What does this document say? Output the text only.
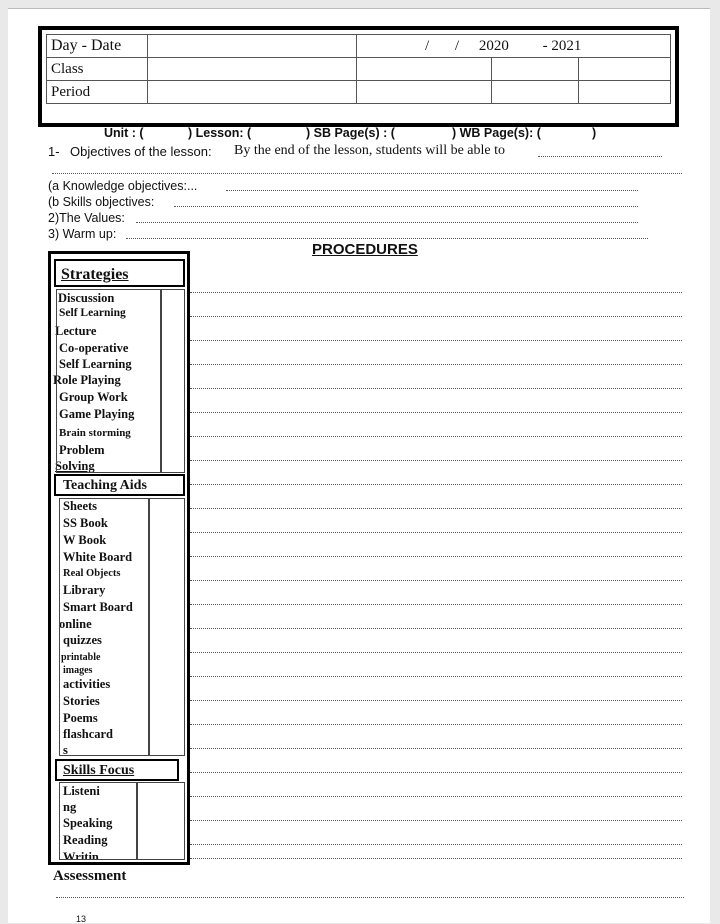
Day - Date		/ / 2020 - 2021		
Class				
Period				
Unit : (	) Lesson: (	) SB Page(s) : (	) WB Page(s): (	)
1- Objectives of the lesson: By the end of the lesson, students will be able to
(a Knowledge objectives:...
(b Skills objectives:
2)The Values:
3) Warm up:
PROCEDURES
Strategies
Discussion
Self Learning
Lecture
Co-operative
Self Learning
Role Playing
Group Work
Game Playing
Brain storming
Problem
Solving
Teaching Aids
Sheets
SS Book
W Book
White Board
Real Objects
Library
Smart Board
online
quizzes
printable
images
activities
Stories
Poems
flashcard
s
Skills Focus
Listeni
ng
Speaking
Reading
Writin
Assessment
13
